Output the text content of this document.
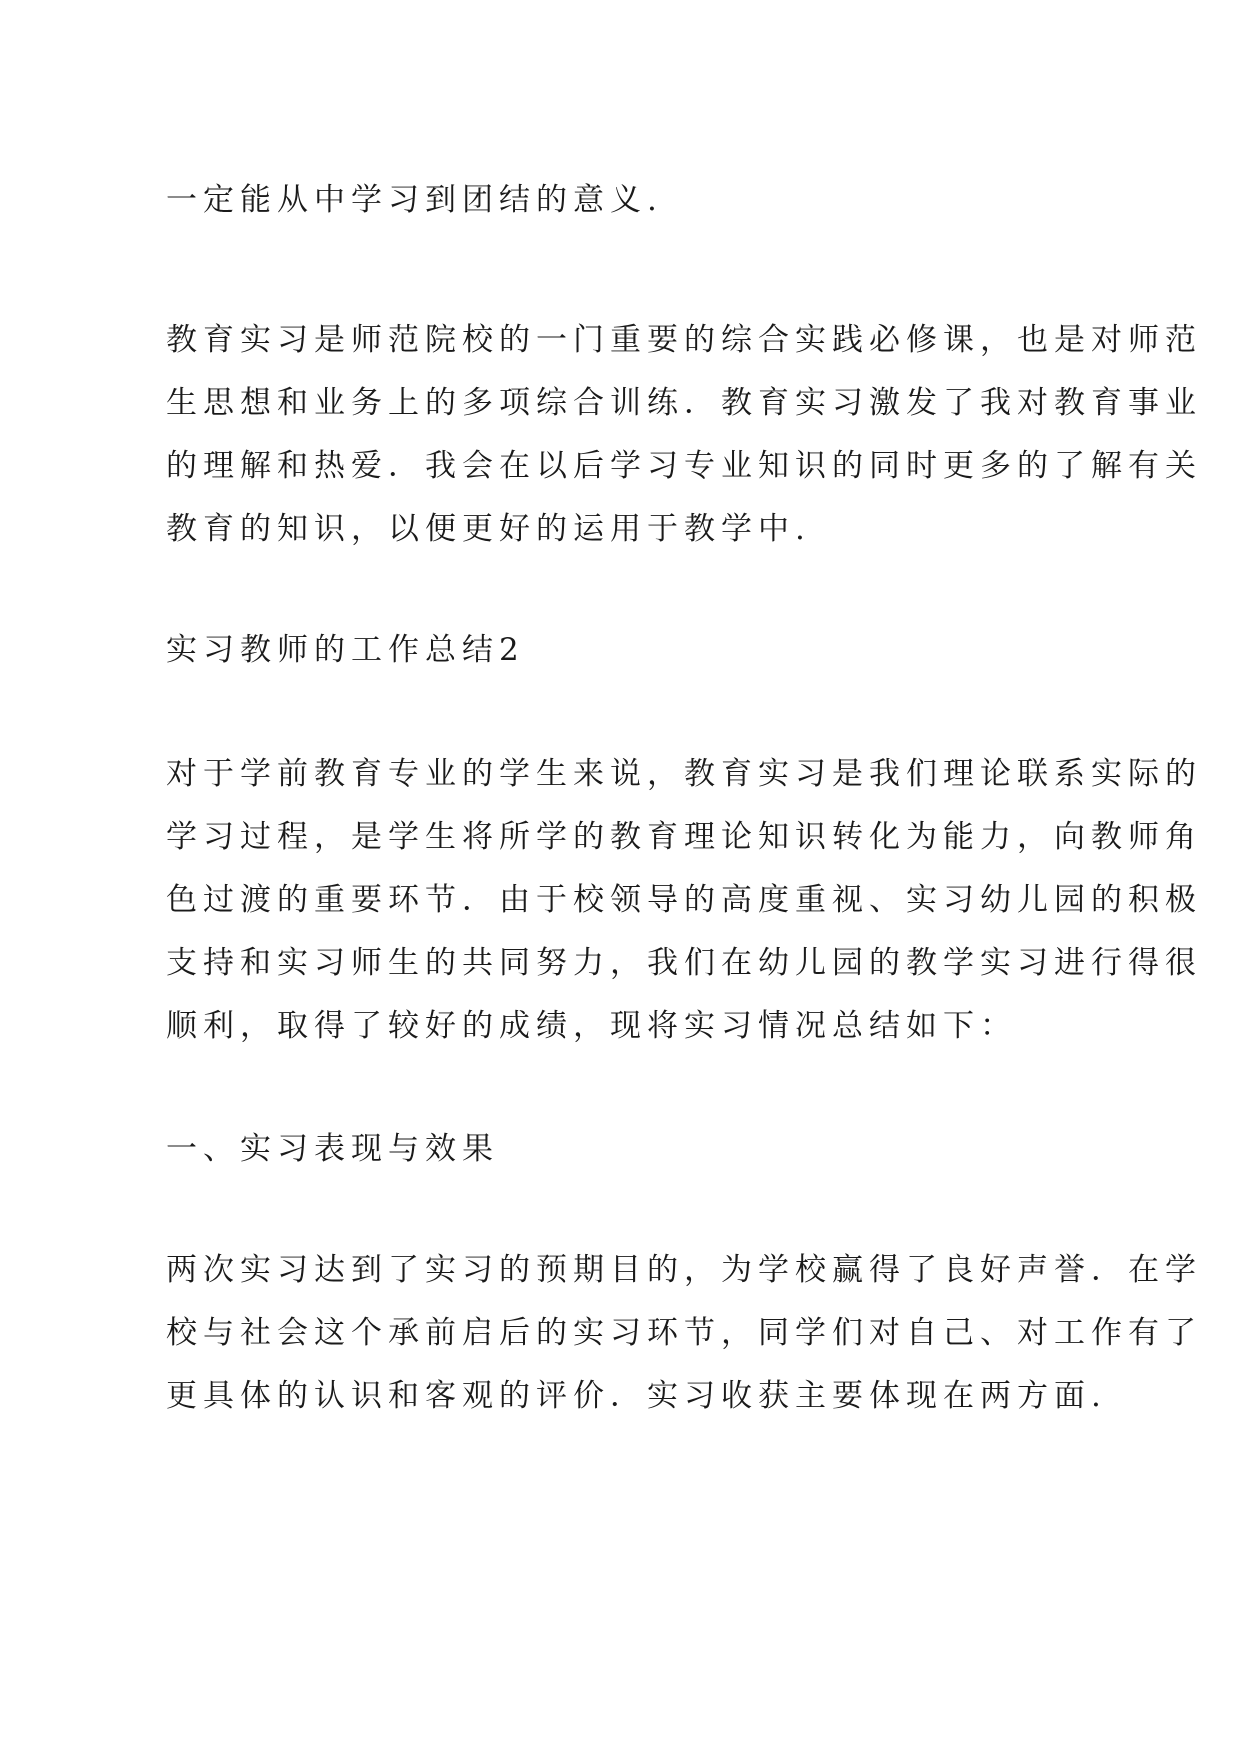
一定能从中学习到团结的意义.
教育实习是师范院校的一门重要的综合实践必修课，也是对师范
生思想和业务上的多项综合训练．教育实习激发了我对教育事业
的理解和热爱．我会在以后学习专业知识的同时更多的了解有关
教育的知识，以便更好的运用于教学中.
实习教师的工作总结2
对于学前教育专业的学生来说，教育实习是我们理论联系实际的
学习过程，是学生将所学的教育理论知识转化为能力，向教师角
色过渡的重要环节．由于校领导的高度重视、实习幼儿园的积极
支持和实习师生的共同努力，我们在幼儿园的教学实习进行得很
顺利，取得了较好的成绩，现将实习情况总结如下：
一、实习表现与效果
两次实习达到了实习的预期目的，为学校赢得了良好声誉．在学
校与社会这个承前启后的实习环节，同学们对自己、对工作有了
更具体的认识和客观的评价．实习收获主要体现在两方面.
